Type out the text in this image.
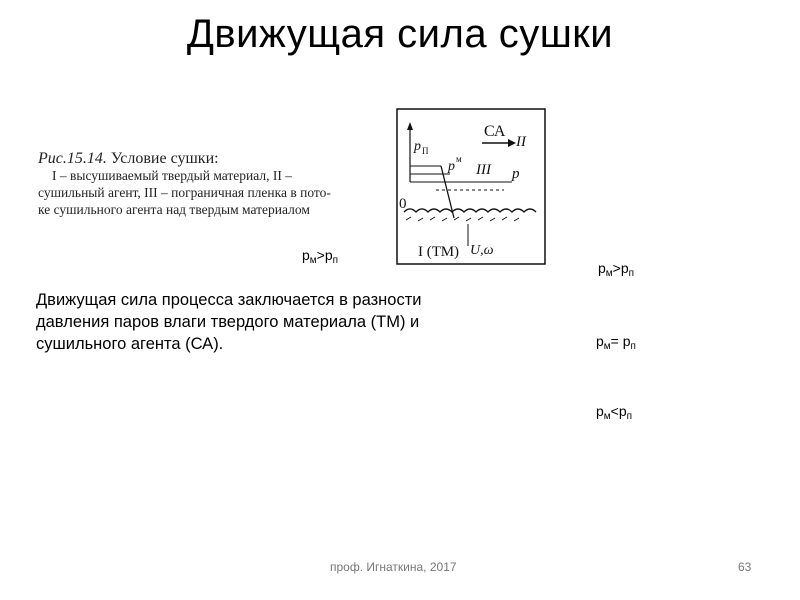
Движущая сила сушки
Рис.15.14. Условие сушки:
I – высушиваемый твердый материал, II –
сушильный агент, III – пограничная пленка в пото-
ке сушильного агента над твердым материалом
СА
II
p П
p м
III p
0
I (ТМ) U,ω
$р_м>р_п$	$р_м>р_п$
$р_м= р_п$
$р_м<р_п$
Движущая сила процесса заключается в разности давления паров влаги твердого материала (ТМ) и сушильного агента (СА).
проф. Игнаткина, 2017	63
